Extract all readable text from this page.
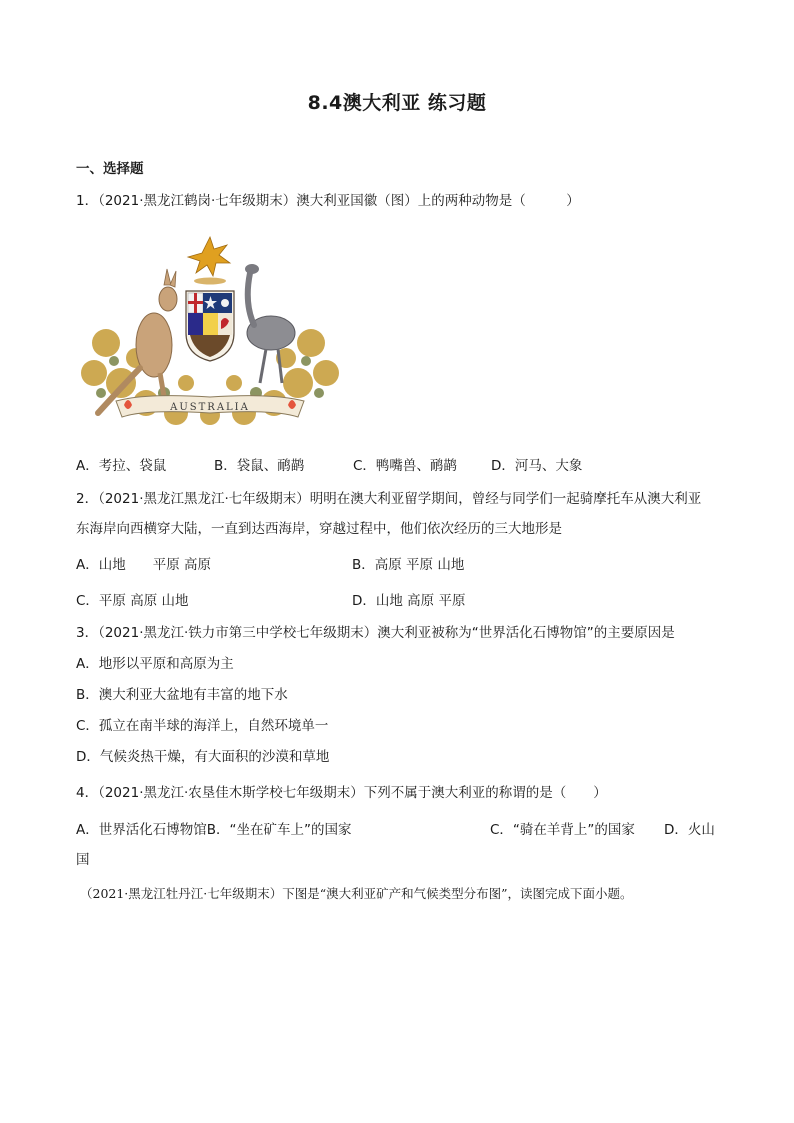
8.4澳大利亚 练习题
一、选择题
1．（2021·黑龙江鹤岗·七年级期末）澳大利亚国徽（图）上的两种动物是（　　　）
AUSTRALIA
A．考拉、袋鼠	B．袋鼠、鸸鹋	C．鸭嘴兽、鸸鹋	D．河马、大象
2．（2021·黑龙江黑龙江·七年级期末）明明在澳大利亚留学期间，曾经与同学们一起骑摩托车从澳大利亚
东海岸向西横穿大陆，一直到达西海岸，穿越过程中，他们依次经历的三大地形是
A．山地　　平原 高原	B．高原 平原 山地
C．平原 高原 山地	D．山地 高原 平原
3．（2021·黑龙江·铁力市第三中学校七年级期末）澳大利亚被称为“世界活化石博物馆”的主要原因是
A．地形以平原和高原为主
B．澳大利亚大盆地有丰富的地下水
C．孤立在南半球的海洋上，自然环境单一
D．气候炎热干燥，有大面积的沙漠和草地
4．（2021·黑龙江·农垦佳木斯学校七年级期末）下列不属于澳大利亚的称谓的是（　　）
A．世界活化石博物馆B．“坐在矿车上”的国家	C．“骑在羊背上”的国家 D．火山
国
（2021·黑龙江牡丹江·七年级期末）下图是“澳大利亚矿产和气候类型分布图”，读图完成下面小题。
